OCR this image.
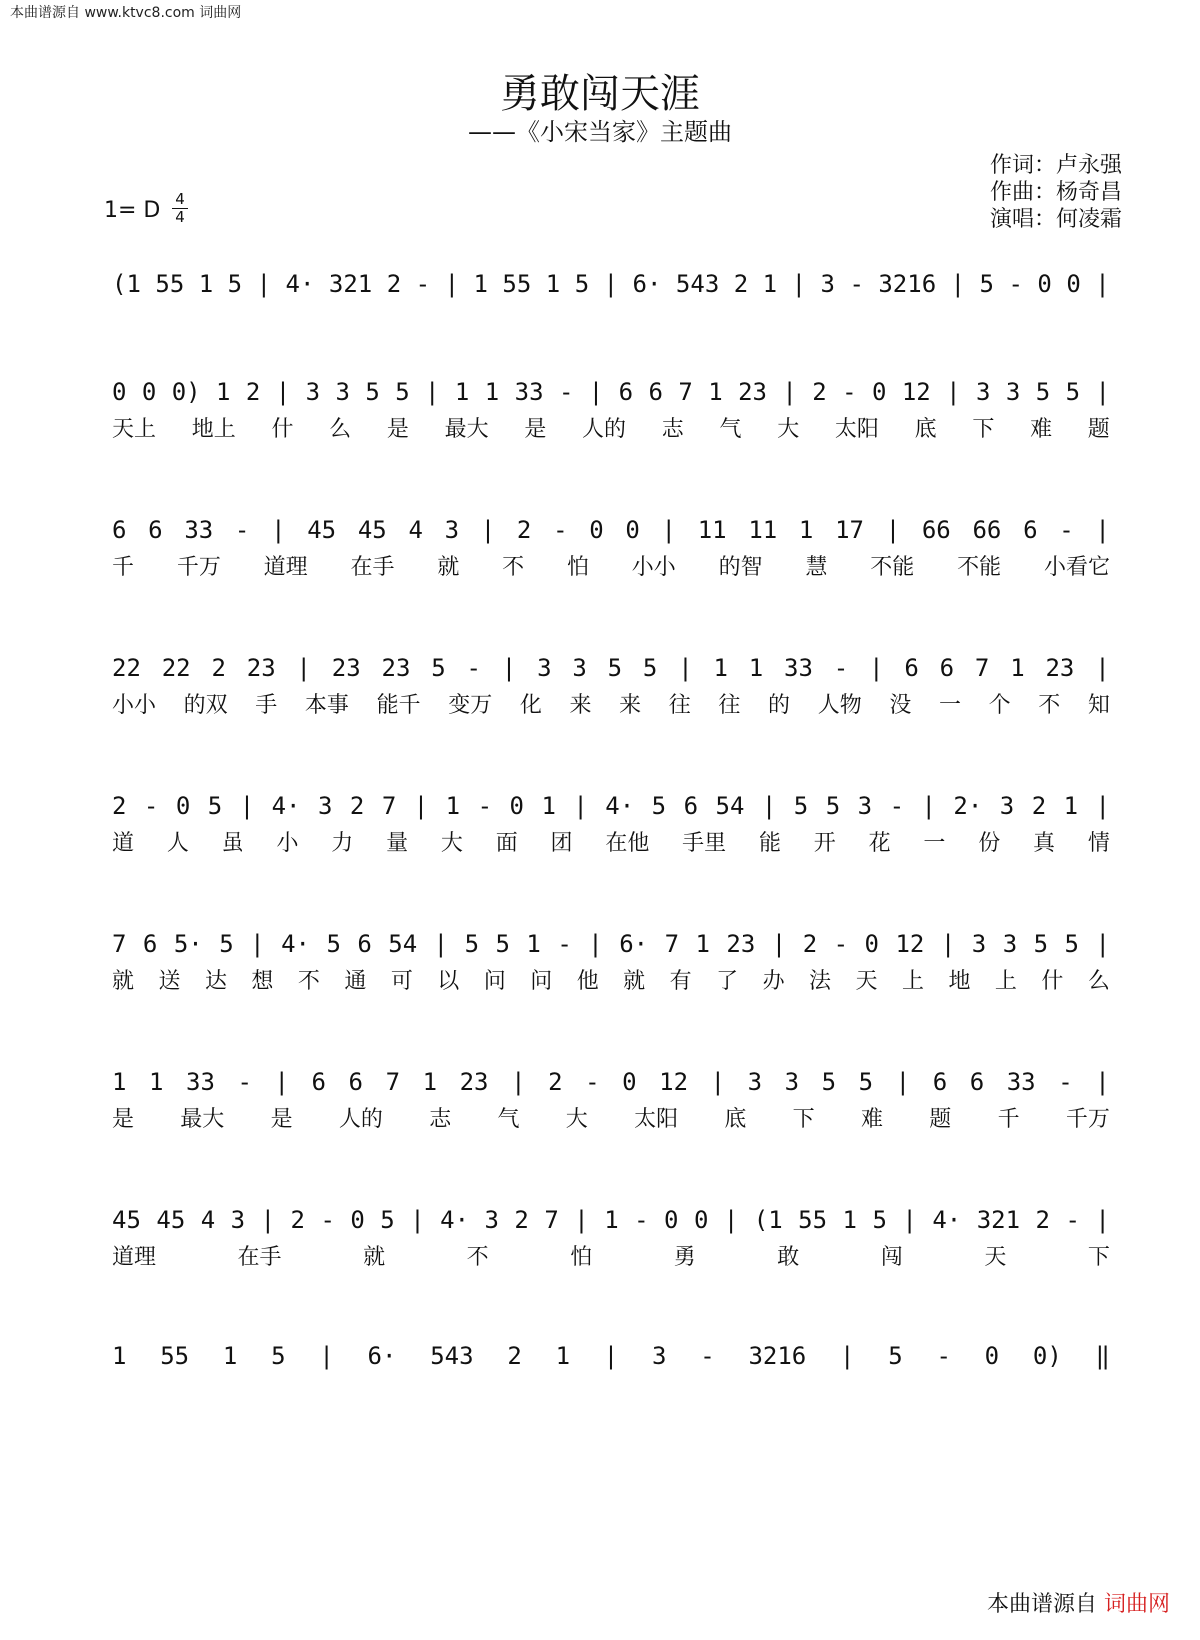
本曲谱源自 www.ktvc8.com 词曲网
勇敢闯天涯
——《小宋当家》主题曲
作词：卢永强
作曲：杨奇昌
演唱：何凌霜
1= D 4
4
(1 55 1 5 | 4· 321 2 - | 1 55 1 5 | 6· 543 2 1 | 3 - 3216 | 5 - 0 0 |
0 0 0) 1 2 | 3 3 5 5 | 1 1 33 - | 6 6 7 1 23 | 2 - 0 12 | 3 3 5 5 |
天上 地上 什 么 是 最大 是 人的 志 气 大 太阳 底 下 难 题
6 6 33 - | 45 45 4 3 | 2 - 0 0 | 11 11 1 17 | 66 66 6 - |
千 千万 道理 在手 就 不 怕 小小 的智 慧 不能 不能 小看它
22 22 2 23 | 23 23 5 - | 3 3 5 5 | 1 1 33 - | 6 6 7 1 23 |
小小 的双 手 本事 能千 变万 化 来 来 往 往 的 人物 没 一 个 不 知
2 - 0 5 | 4· 3 2 7 | 1 - 0 1 | 4· 5 6 54 | 5 5 3 - | 2· 3 2 1 |
道 人 虽 小 力 量 大 面 团 在他 手里 能 开 花 一 份 真 情
7 6 5· 5 | 4· 5 6 54 | 5 5 1 - | 6· 7 1 23 | 2 - 0 12 | 3 3 5 5 |
就 送 达 想 不 通 可 以 问 问 他 就 有 了 办 法 天 上 地 上 什 么
1 1 33 - | 6 6 7 1 23 | 2 - 0 12 | 3 3 5 5 | 6 6 33 - |
是 最大 是 人的 志 气 大 太阳 底 下 难 题 千 千万
45 45 4 3 | 2 - 0 5 | 4· 3 2 7 | 1 - 0 0 | (1 55 1 5 | 4· 321 2 - |
道理	在手	就	不	怕	勇	敢	闯	天	下
1 55 1 5 | 6· 543 2 1 | 3 - 3216 | 5 - 0 0) ‖
本曲谱源自 词曲网
